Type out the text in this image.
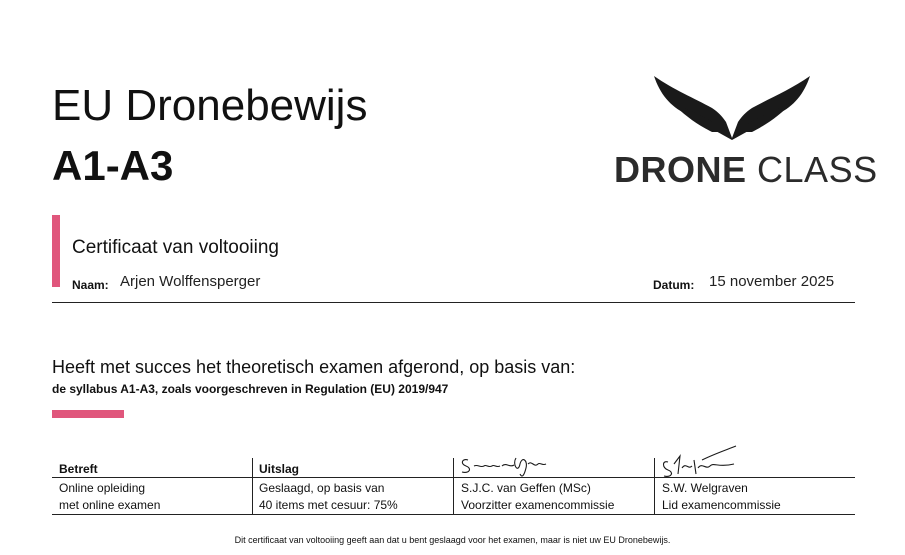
EU Dronebewijs
A1-A3	DRONE CLASS
Certificaat van voltooiing
Naam: Arjen Wolffensperger	Datum: 15 november 2025
Heeft met succes het theoretisch examen afgerond, op basis van:
de syllabus A1-A3, zoals voorgeschreven in Regulation (EU) 2019/947
Betreft
Online opleiding
met online examen
Uitslag
Geslaagd, op basis van
40 items met cesuur: 75%
S.J.C. van Geffen (MSc)
Voorzitter examencommissie
S.W. Welgraven
Lid examencommissie
Dit certificaat van voltooiing geeft aan dat u bent geslaagd voor het examen, maar is niet uw EU Dronebewijs.
